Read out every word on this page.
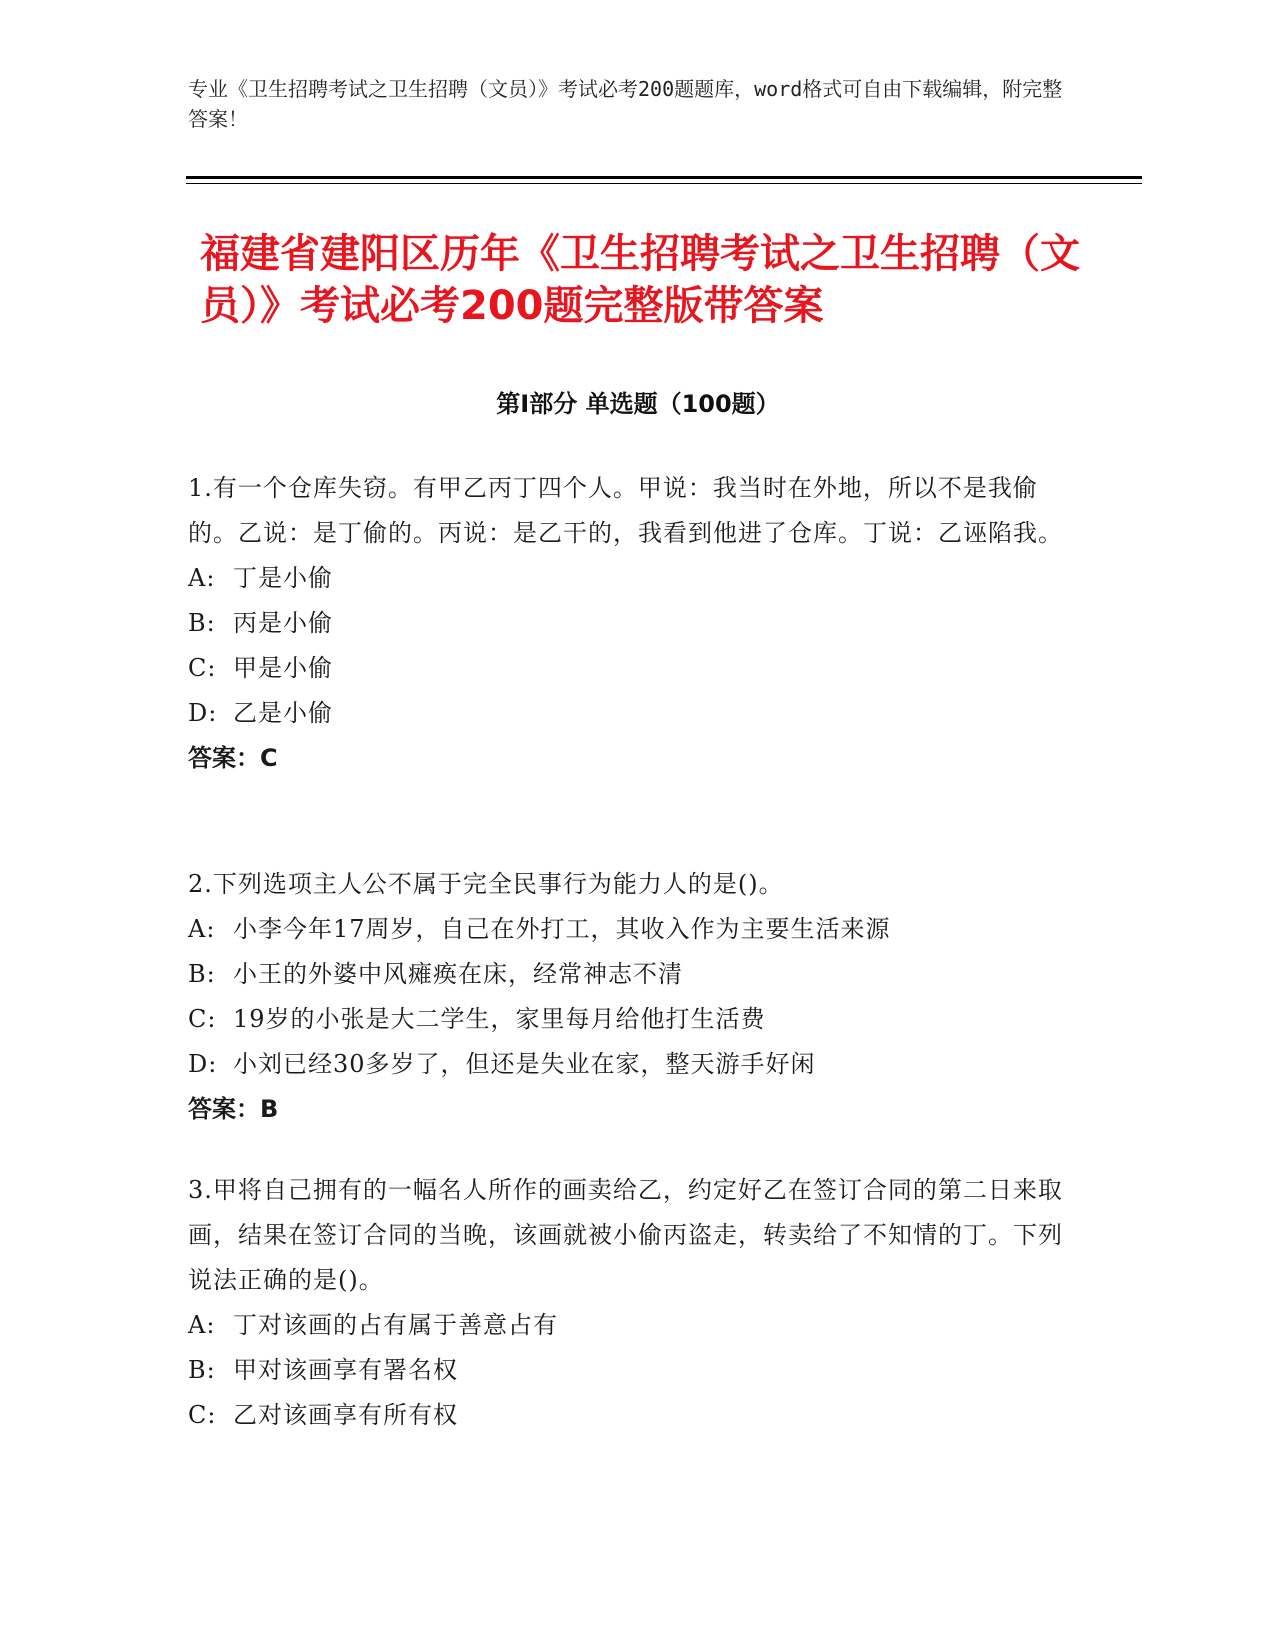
专业《卫生招聘考试之卫生招聘（文员）》考试必考200题题库，word格式可自由下载编辑，附完整答案！
福建省建阳区历年《卫生招聘考试之卫生招聘（文员）》考试必考200题完整版带答案
第I部分 单选题（100题）
1.有一个仓库失窃。有甲乙丙丁四个人。甲说：我当时在外地，所以不是我偷的。乙说：是丁偷的。丙说：是乙干的，我看到他进了仓库。丁说：乙诬陷我。
A: 丁是小偷
B: 丙是小偷
C: 甲是小偷
D: 乙是小偷
答案：C
2.下列选项主人公不属于完全民事行为能力人的是()。
A: 小李今年17周岁，自己在外打工，其收入作为主要生活来源
B: 小王的外婆中风瘫痪在床，经常神志不清
C: 19岁的小张是大二学生，家里每月给他打生活费
D: 小刘已经30多岁了，但还是失业在家，整天游手好闲
答案：B
3.甲将自己拥有的一幅名人所作的画卖给乙，约定好乙在签订合同的第二日来取画，结果在签订合同的当晚，该画就被小偷丙盗走，转卖给了不知情的丁。下列说法正确的是()。
A: 丁对该画的占有属于善意占有
B: 甲对该画享有署名权
C: 乙对该画享有所有权
